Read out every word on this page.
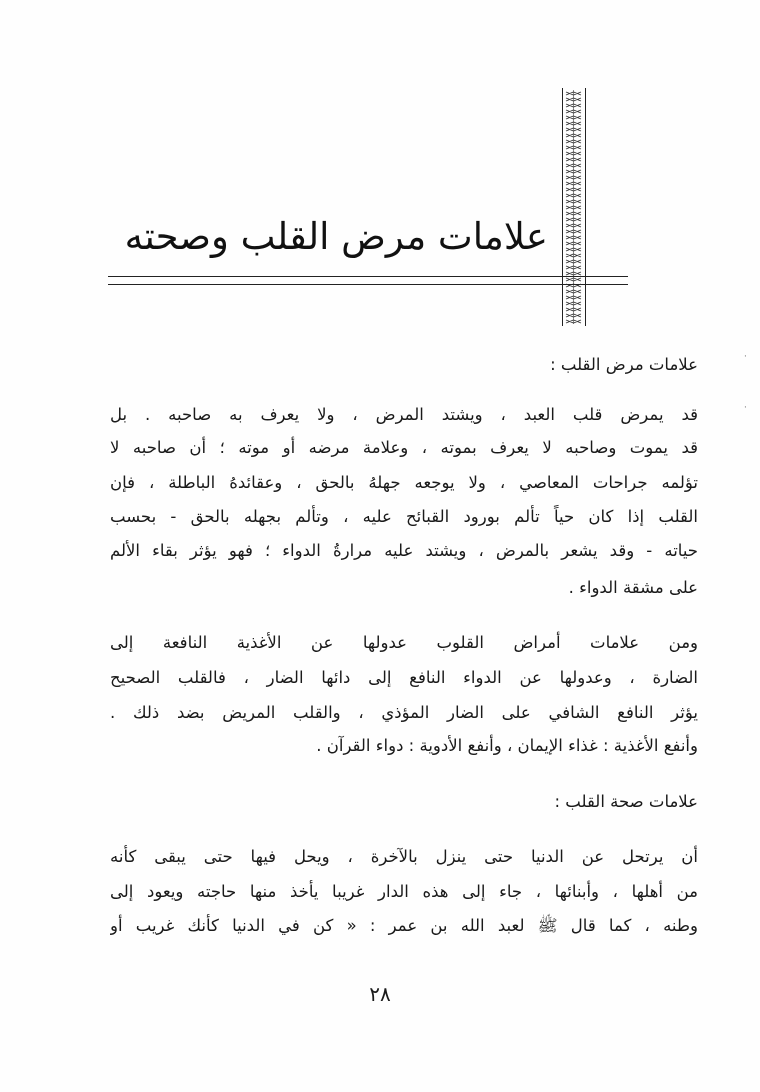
علامات مرض القلب وصحته
علامات مرض القلب :
قد يمرض قلب العبد ، ويشتد المرض ، ولا يعرف به صاحبه . بل
قد يموت وصاحبه لا يعرف بموته ، وعلامة مرضه أو موته ؛ أن صاحبه لا
تؤلمه جراحات المعاصي ، ولا يوجعه جهلهُ بالحق ، وعقائدهُ الباطلة ، فإن
القلب إذا كان حياً تألم بورود القبائح عليه ، وتألم بجهله بالحق - بحسب
حياته - وقد يشعر بالمرض ، ويشتد عليه مرارةُ الدواء ؛ فهو يؤثر بقاء الألم
على مشقة الدواء .
ومن علامات أمراض القلوب عدولها عن الأغذية النافعة إلى
الضارة ، وعدولها عن الدواء النافع إلى دائها الضار ، فالقلب الصحيح
يؤثر النافع الشافي على الضار المؤذي ، والقلب المريض بضد ذلك .
وأنفع الأغذية : غذاء الإيمان ، وأنفع الأدوية : دواء القرآن .
علامات صحة القلب :
أن يرتحل عن الدنيا حتى ينزل بالآخرة ، ويحل فيها حتى يبقى كأنه
من أهلها ، وأبنائها ، جاء إلى هذه الدار غريبا يأخذ منها حاجته ويعود إلى
وطنه ، كما قال ﷺ لعبد الله بن عمر : « كن في الدنيا كأنك غريب أو
٢٨
·
·
